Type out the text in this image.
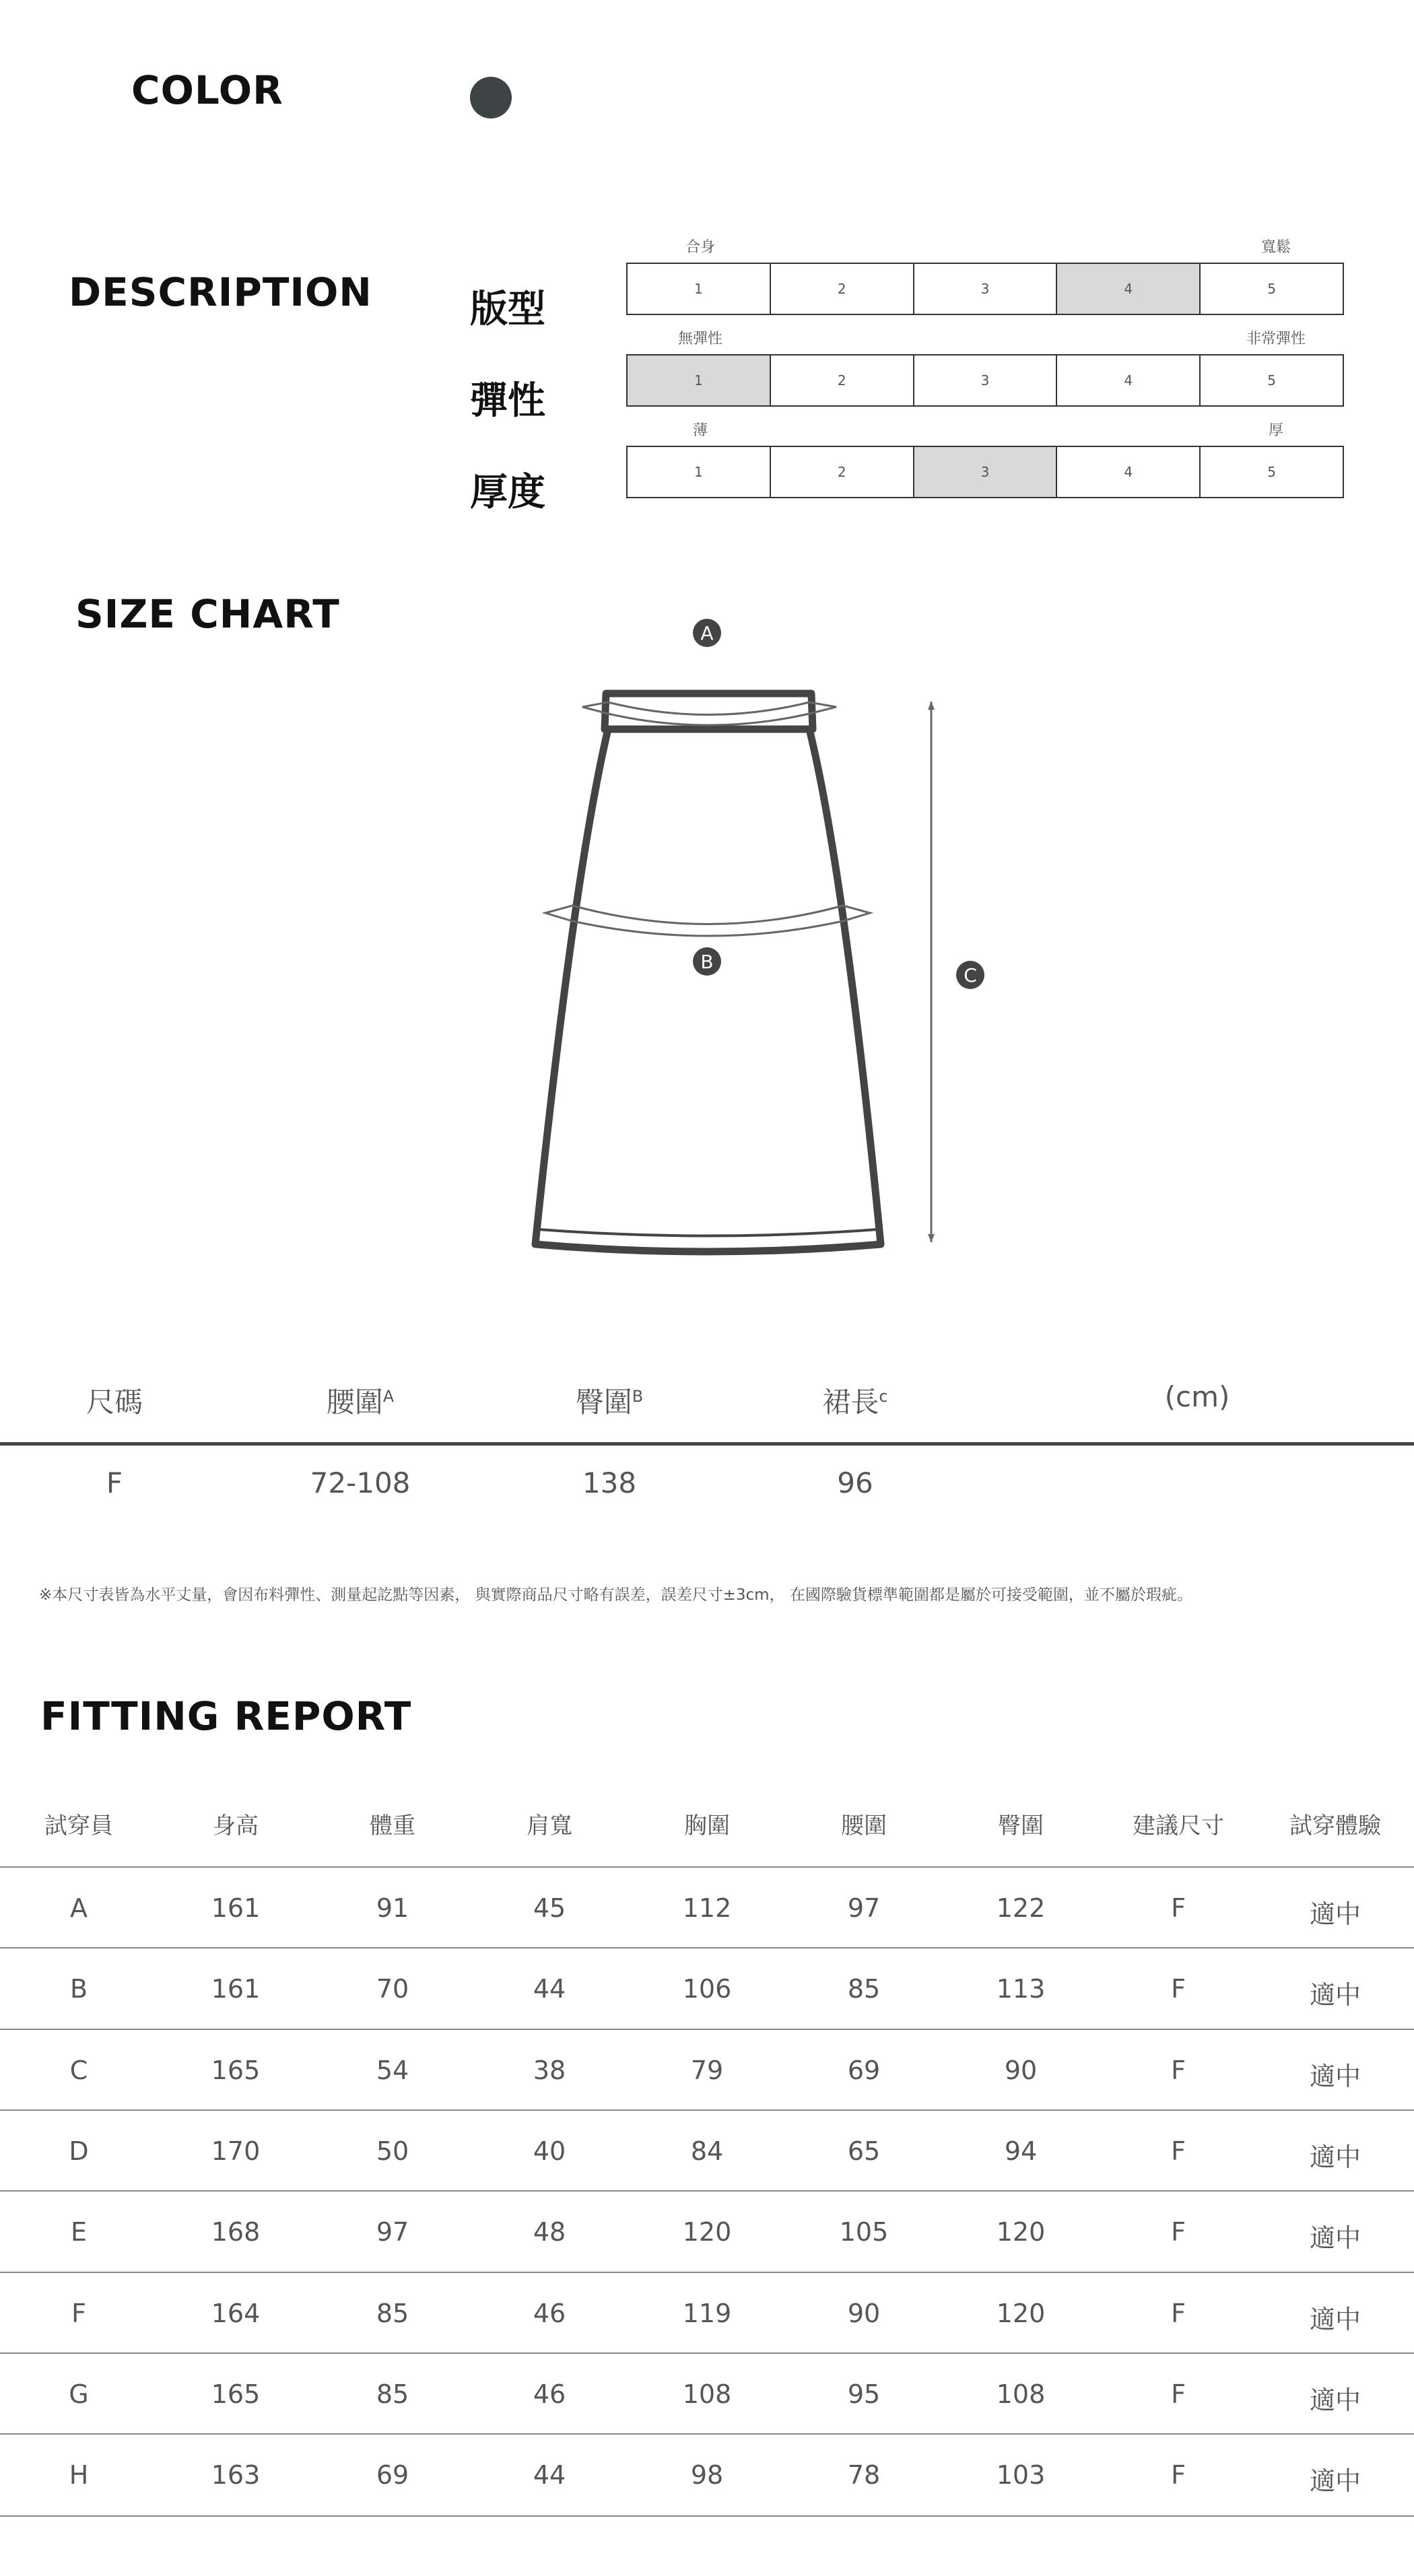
COLOR
DESCRIPTION	版型
合身	寬鬆
1	2	3	4	5
彈性
無彈性	非常彈性
1	2	3	4	5
厚度
薄	厚
1	2	3	4	5
SIZE CHART	A
B
C
尺碼	腰圍$^A$	臀圍$^B$	裙長$^c$	(cm)
F	72-108	138	96
※本尺寸表皆為水平丈量，會因布料彈性、測量起訖點等因素， 與實際商品尺寸略有誤差，誤差尺寸±3cm， 在國際驗貨標準範圍都是屬於可接受範圍，並不屬於瑕疵。
FITTING REPORT
試穿員	身高	體重	肩寬	胸圍	腰圍	臀圍	建議尺寸	試穿體驗
A	161	91	45	112	97	122	F	適中
B	161	70	44	106	85	113	F	適中
C	165	54	38	79	69	90	F	適中
D	170	50	40	84	65	94	F	適中
E	168	97	48	120	105	120	F	適中
F	164	85	46	119	90	120	F	適中
G	165	85	46	108	95	108	F	適中
H	163	69	44	98	78	103	F	適中
